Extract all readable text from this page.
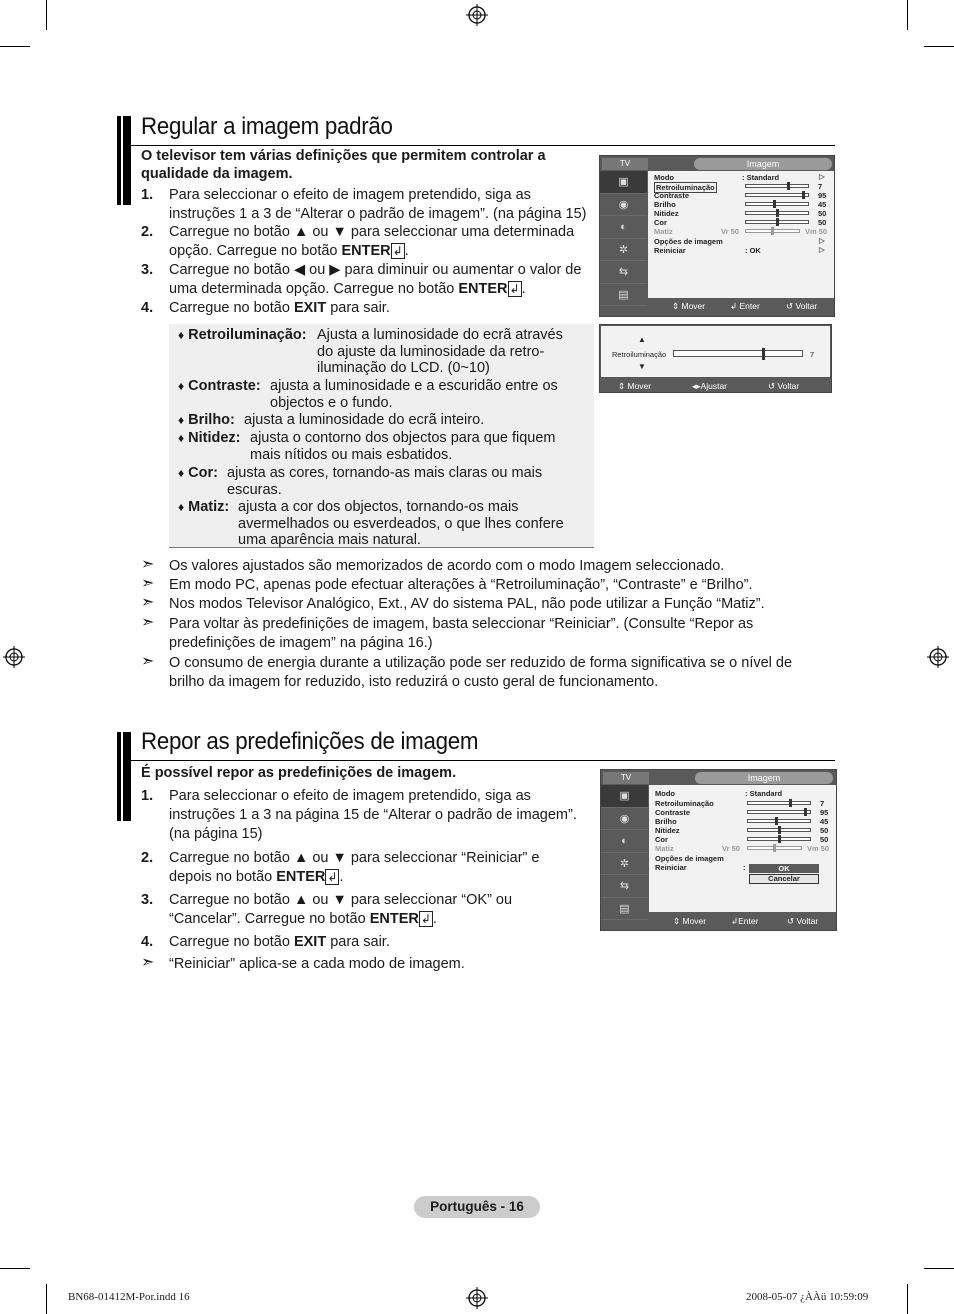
Regular a imagem padrão
O televisor tem várias definições que permitem controlar a qualidade da imagem.
1. Para seleccionar o efeito de imagem pretendido, siga as instruções 1 a 3 de “Alterar o padrão de imagem”. (na página 15)
2. Carregue no botão ▲ ou ▼ para seleccionar uma determinada opção. Carregue no botão ENTER ↲ .
3. Carregue no botão ◀ ou ▶ para diminuir ou aumentar o valor de uma determinada opção. Carregue no botão ENTER ↲ .
4. Carregue no botão EXIT para sair.
♦ Retroiluminação: Ajusta a luminosidade do ecrã através
do ajuste da luminosidade da retro-
iluminação do LCD. (0~10)
♦ Contraste: ajusta a luminosidade e a escuridão entre os
objectos e o fundo.
♦ Brilho: ajusta a luminosidade do ecrã inteiro.
♦ Nitidez: ajusta o contorno dos objectos para que fiquem
mais nítidos ou mais esbatidos.
♦ Cor: ajusta as cores, tornando-as mais claras ou mais
escuras.
♦ Matiz: ajusta a cor dos objectos, tornando-os mais
avermelhados ou esverdeados, o que lhes confere
uma aparência mais natural.
➣ Os valores ajustados são memorizados de acordo com o modo Imagem seleccionado.
➣ Em modo PC, apenas pode efectuar alterações à “Retroiluminação”, “Contraste” e “Brilho”.
➣ Nos modos Televisor Analógico, Ext., AV do sistema PAL, não pode utilizar a Função “Matiz”.
➣ Para voltar às predefinições de imagem, basta seleccionar “Reiniciar”. (Consulte “Repor as
predefinições de imagem” na página 16.)
➣ O consumo de energia durante a utilização pode ser reduzido de forma significativa se o nível de
brilho da imagem for reduzido, isto reduzirá o custo geral de funcionamento.
TV	Imagem
▣
◉
◐
✲
⇆
▤
Modo	: Standard
Retroiluminação	7
Contraste	95
Brilho	45
Nitidez	50
Cor	50
Matiz	Vr 50	Vm 50
Opções de imagem	▷
Reiniciar	: OK	▷
▷
⇕ Mover	↲ Enter	↺ Voltar
▲
Retroiluminação	7
▼
⇕ Mover	◂▸Ajustar	↺ Voltar
Repor as predefinições de imagem
É possível repor as predefinições de imagem.
1. Para seleccionar o efeito de imagem pretendido, siga as instruções 1 a 3 na página 15 de “Alterar o padrão de imagem”. (na página 15)
2. Carregue no botão ▲ ou ▼ para seleccionar “Reiniciar” e depois no botão ENTER ↲ .
3. Carregue no botão ▲ ou ▼ para seleccionar “OK” ou “Cancelar”. Carregue no botão ENTER ↲ .
4. Carregue no botão EXIT para sair.
➣ “Reiniciar” aplica-se a cada modo de imagem.
TV	Imagem
▣
◉
◐
✲
⇆
▤
Modo	: Standard
Retroiluminação	7
Contraste	95
Brilho	45
Nitidez	50
Cor	50
Matiz	Vr 50	Vm 50
Opções de imagem
Reiniciar	:	OK
Cancelar
⇕ Mover	↲Enter	↺ Voltar
Português - 16
BN68-01412M-Por.indd 16	2008-05-07 ¿ÀÀü 10:59:09
